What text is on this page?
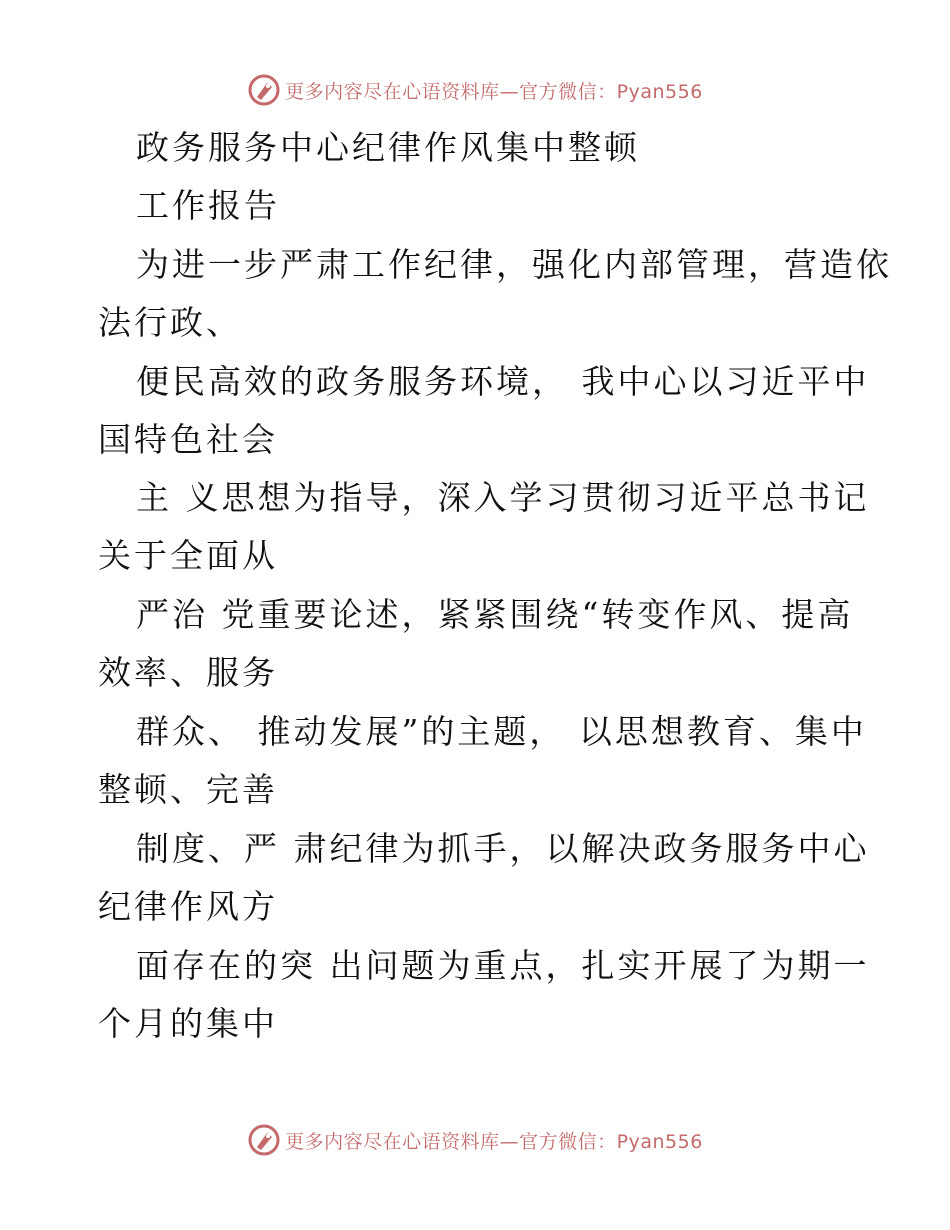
更多内容尽在心语资料库—官方微信：Pyan556
政务服务中心纪律作风集中整顿
工作报告
为进一步严肃工作纪律，强化内部管理，营造依
法行政、
便民高效的政务服务环境， 我中心以习近平中
国特色社会
主 义思想为指导，深入学习贯彻习近平总书记
关于全面从
严治 党重要论述，紧紧围绕“转变作风、提高
效率、服务
群众、 推动发展”的主题， 以思想教育、集中
整顿、完善
制度、严 肃纪律为抓手，以解决政务服务中心
纪律作风方
面存在的突 出问题为重点，扎实开展了为期一
个月的集中
更多内容尽在心语资料库—官方微信：Pyan556
